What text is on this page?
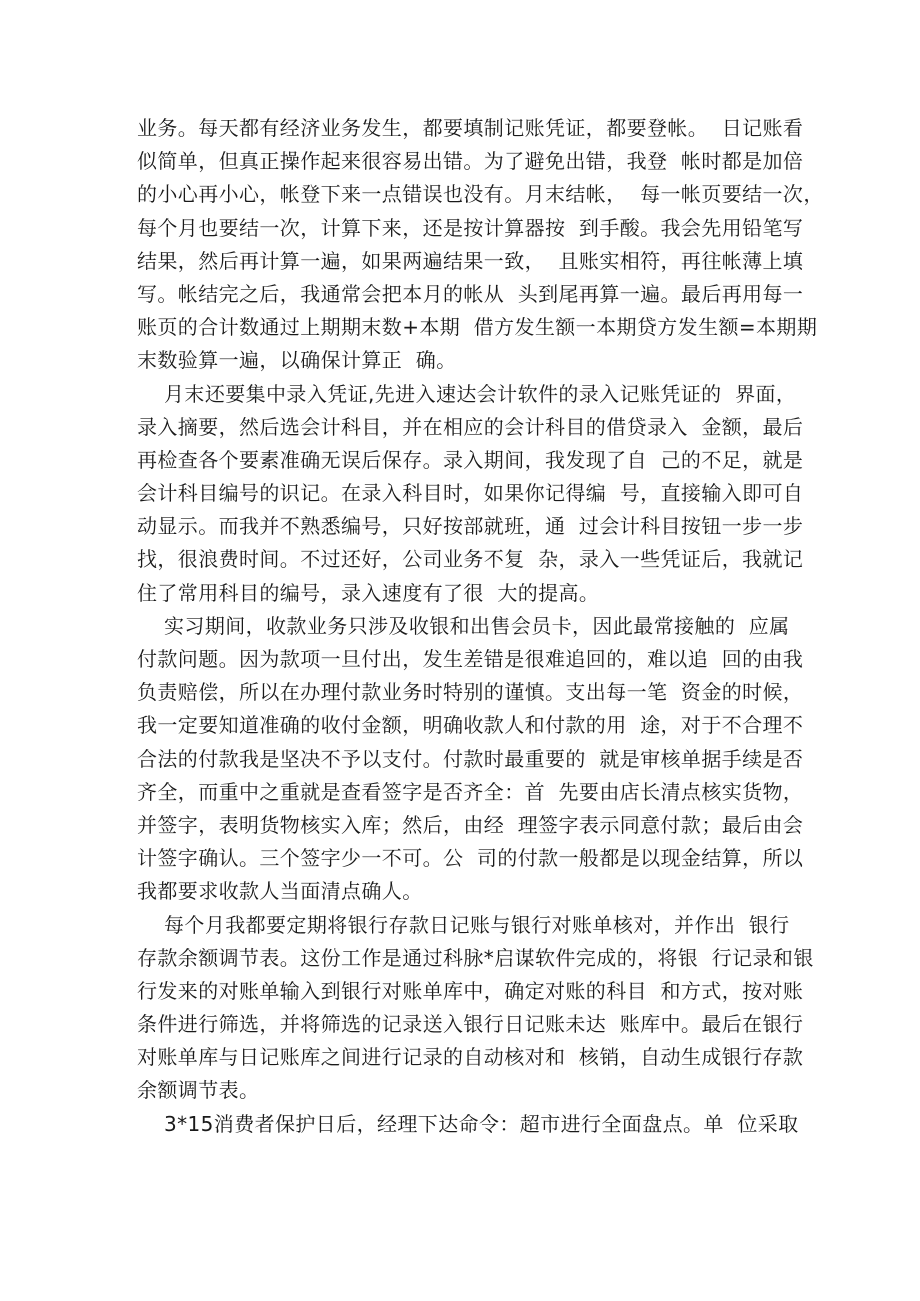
业务。每天都有经济业务发生，都要填制记账凭证，都要登帐。  日记账看
似简单，但真正操作起来很容易出错。为了避免出错，我登  帐时都是加倍
的小心再小心，帐登下来一点错误也没有。月末结帐，  每一帐页要结一次，
每个月也要结一次，计算下来，还是按计算器按  到手酸。我会先用铅笔写
结果，然后再计算一遍，如果两遍结果一致，  且账实相符，再往帐薄上填
写。帐结完之后，我通常会把本月的帐从  头到尾再算一遍。最后再用每一
账页的合计数通过上期期末数+本期  借方发生额一本期贷方发生额=本期期
末数验算一遍，以确保计算正  确。
月末还要集中录入凭证,先进入速达会计软件的录入记账凭证的  界面，
录入摘要，然后选会计科目，并在相应的会计科目的借贷录入  金额，最后
再检查各个要素准确无误后保存。录入期间，我发现了自  己的不足，就是
会计科目编号的识记。在录入科目时，如果你记得编  号，直接输入即可自
动显示。而我并不熟悉编号，只好按部就班，通  过会计科目按钮一步一步
找，很浪费时间。不过还好，公司业务不复  杂，录入一些凭证后，我就记
住了常用科目的编号，录入速度有了很  大的提高。
实习期间，收款业务只涉及收银和出售会员卡，因此最常接触的  应属
付款问题。因为款项一旦付出，发生差错是很难追回的，难以追  回的由我
负责赔偿，所以在办理付款业务时特别的谨慎。支出每一笔  资金的时候，
我一定要知道准确的收付金额，明确收款人和付款的用  途，对于不合理不
合法的付款我是坚决不予以支付。付款时最重要的  就是审核单据手续是否
齐全，而重中之重就是查看签字是否齐全：首  先要由店长清点核实货物，
并签字，表明货物核实入库；然后，由经  理签字表示同意付款；最后由会
计签字确认。三个签字少一不可。公  司的付款一般都是以现金结算，所以
我都要求收款人当面清点确人。
每个月我都要定期将银行存款日记账与银行对账单核对，并作出  银行
存款余额调节表。这份工作是通过科脉*启谋软件完成的，将银  行记录和银
行发来的对账单输入到银行对账单库中，确定对账的科目  和方式，按对账
条件进行筛选，并将筛选的记录送入银行日记账未达  账库中。最后在银行
对账单库与日记账库之间进行记录的自动核对和  核销，自动生成银行存款
余额调节表。
3*15消费者保护日后，经理下达命令：超市进行全面盘点。单  位采取
